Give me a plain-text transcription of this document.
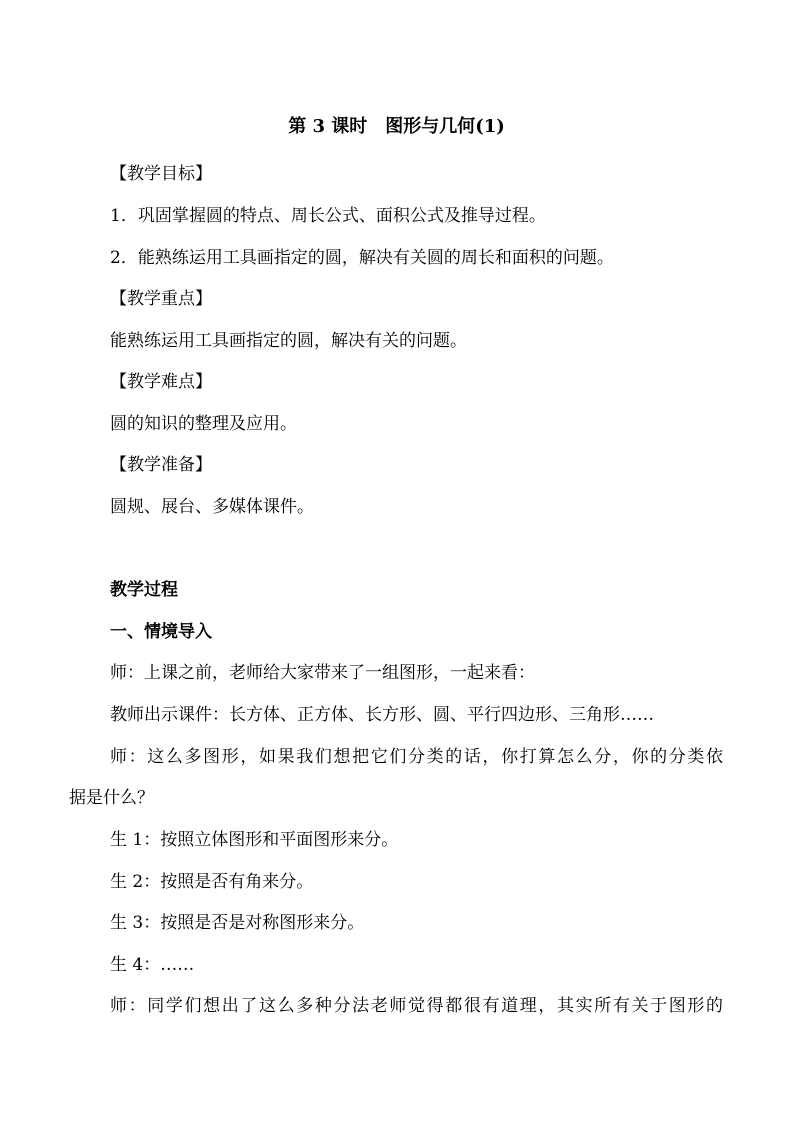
第 3 课时　图形与几何(1)

【教学目标】

1．巩固掌握圆的特点、周长公式、面积公式及推导过程。

2．能熟练运用工具画指定的圆，解决有关圆的周长和面积的问题。

【教学重点】

能熟练运用工具画指定的圆，解决有关的问题。

【教学难点】

圆的知识的整理及应用。

【教学准备】

圆规、展台、多媒体课件。

教学过程

一、情境导入

师：上课之前，老师给大家带来了一组图形，一起来看：

教师出示课件：长方体、正方体、长方形、圆、平行四边形、三角形……

师：这么多图形，如果我们想把它们分类的话，你打算怎么分，你的分类依

据是什么？

生 1：按照立体图形和平面图形来分。

生 2：按照是否有角来分。

生 3：按照是否是对称图形来分。

生 4：……

师：同学们想出了这么多种分法老师觉得都很有道理，其实所有关于图形的
